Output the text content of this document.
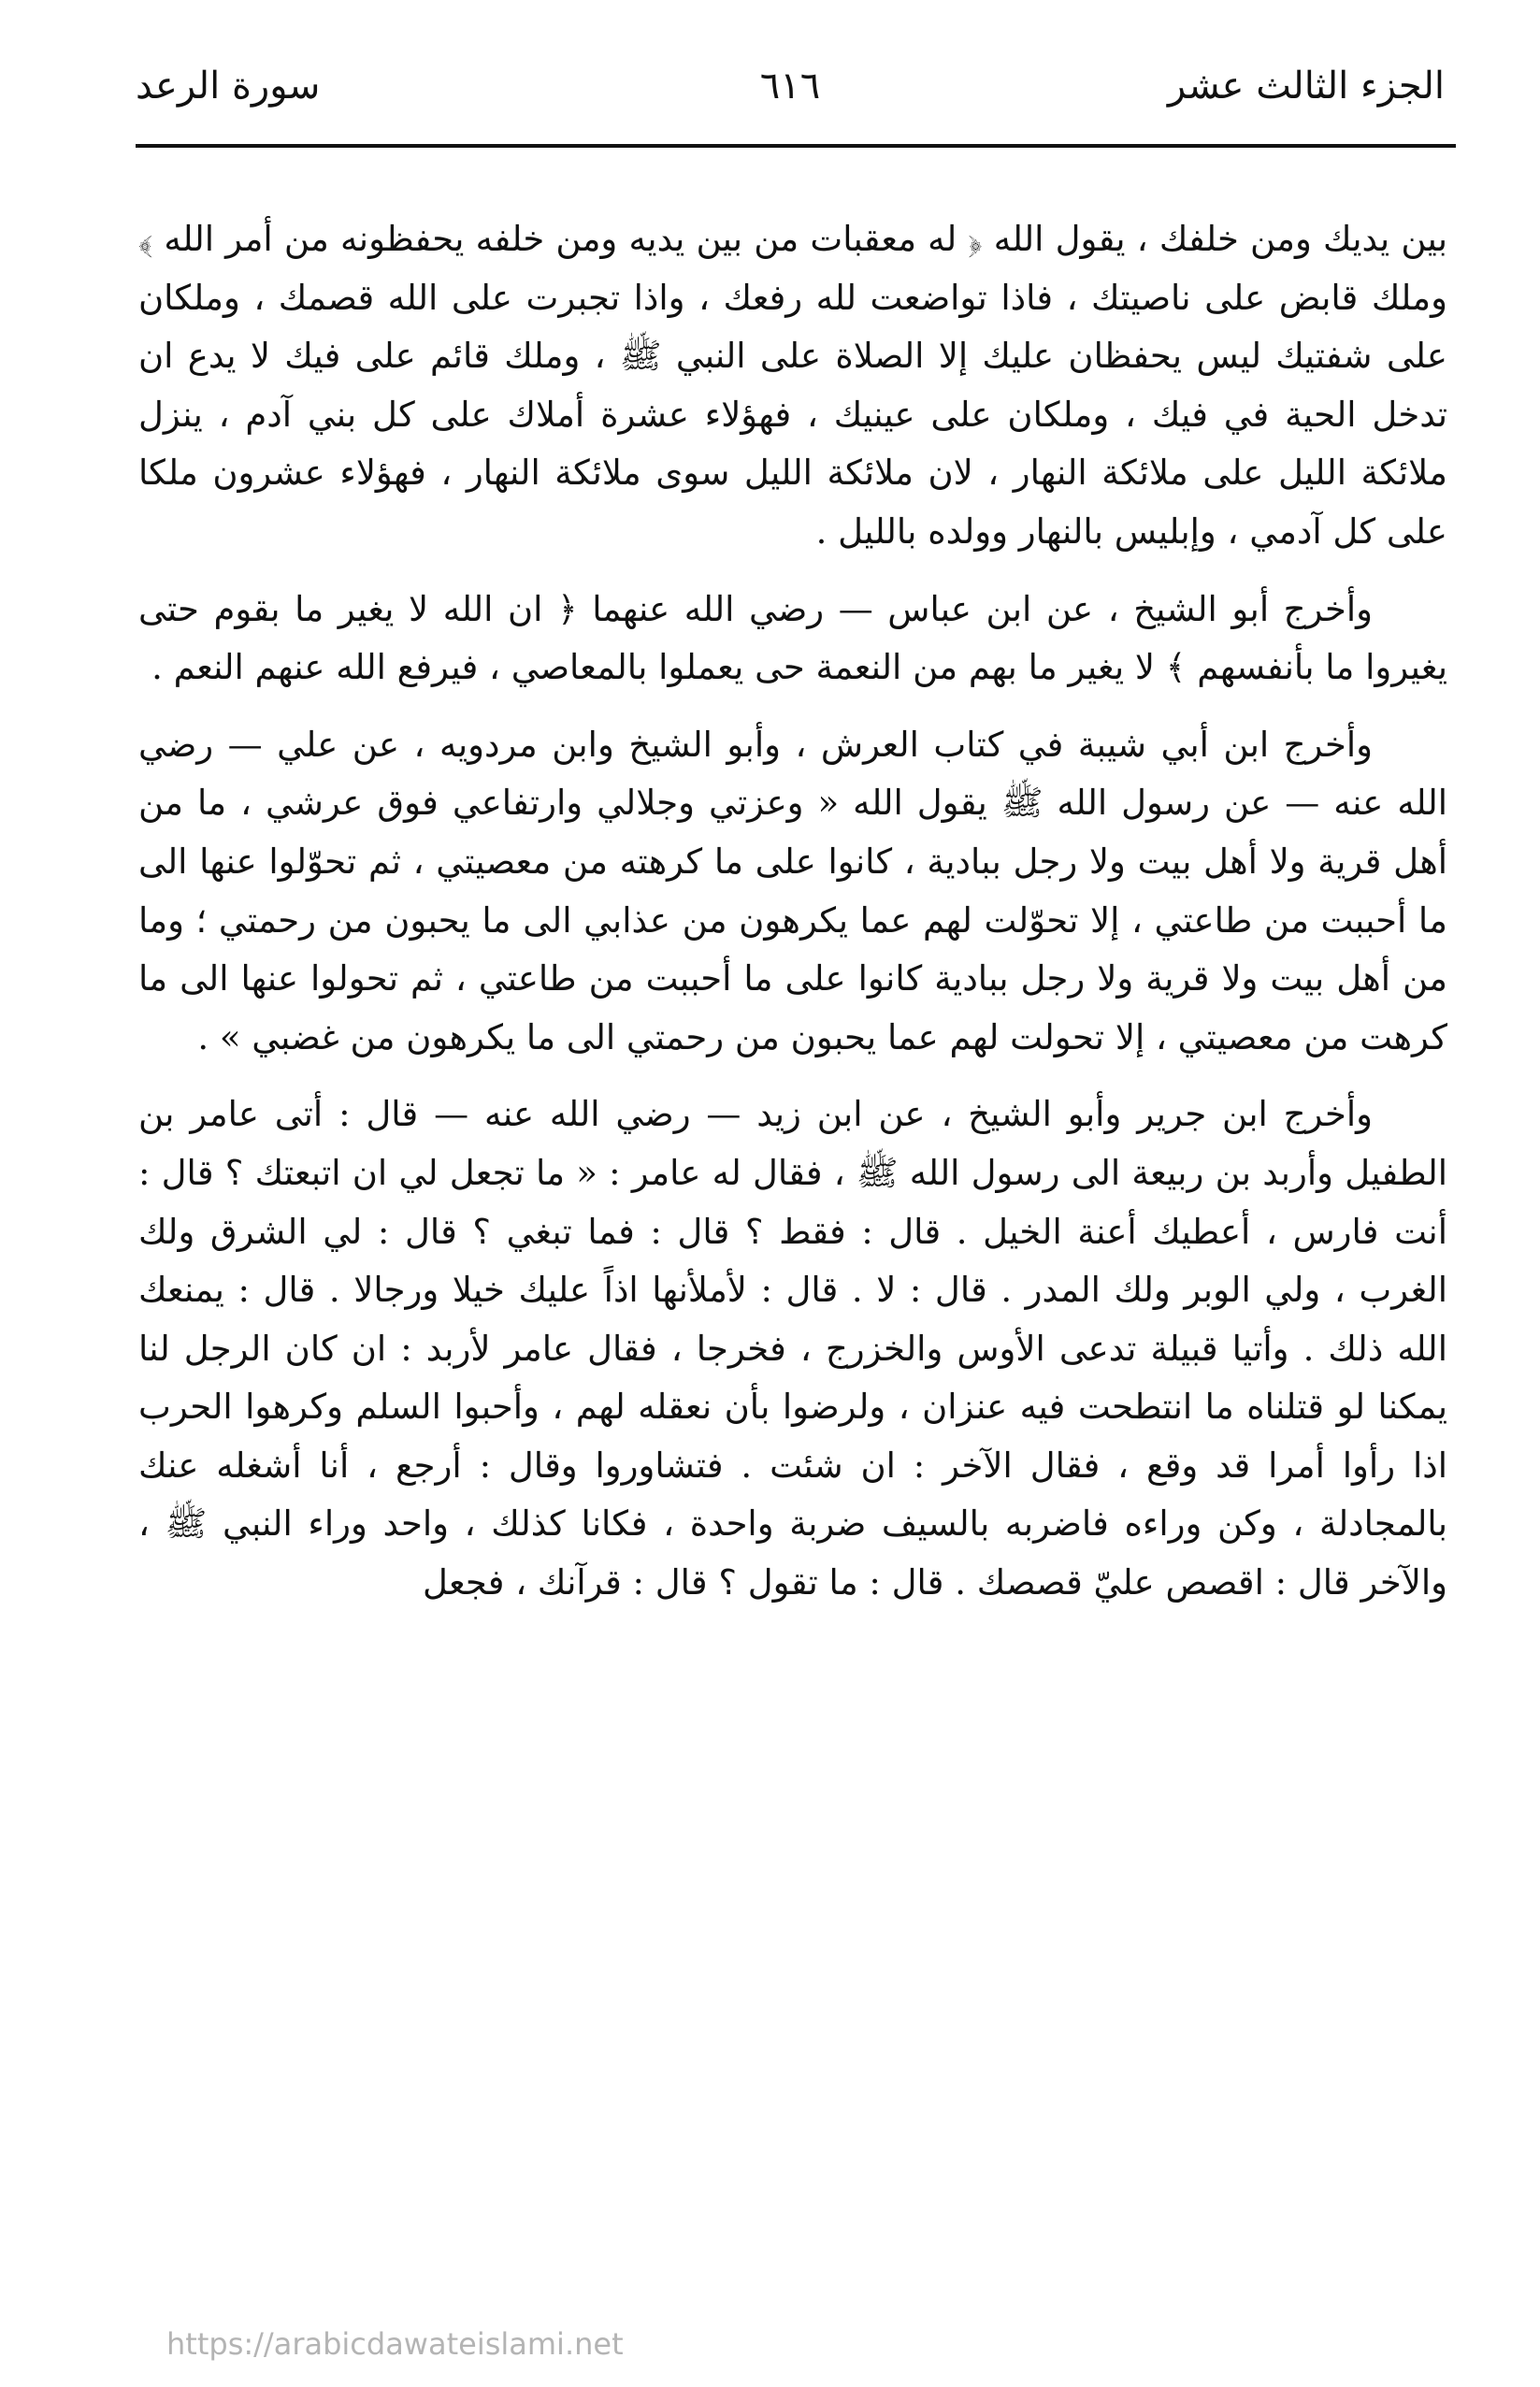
الجزء الثالث عشر
٦١٦
سورة الرعد

بين يديك ومن خلفك ، يقول الله ﴿ له معقبات من بين يديه ومن خلفه يحفظونه من أمر الله ﴾ وملك قابض على ناصيتك ، فاذا تواضعت لله رفعك ، واذا تجبرت على الله قصمك ، وملكان على شفتيك ليس يحفظان عليك إلا الصلاة على النبي ﷺ ، وملك قائم على فيك لا يدع ان تدخل الحية في فيك ، وملكان على عينيك ، فهؤلاء عشرة أملاك على كل بني آدم ، ينزل ملائكة الليل على ملائكة النهار ، لان ملائكة الليل سوى ملائكة النهار ، فهؤلاء عشرون ملكا على كل آدمي ، وإبليس بالنهار وولده بالليل .

وأخرج أبو الشيخ ، عن ابن عباس — رضي الله عنهما ﴿ ان الله لا يغير ما بقوم حتى يغيروا ما بأنفسهم ﴾ لا يغير ما بهم من النعمة حى يعملوا بالمعاصي ، فيرفع الله عنهم النعم .

وأخرج ابن أبي شيبة في كتاب العرش ، وأبو الشيخ وابن مردويه ، عن علي — رضي الله عنه — عن رسول الله ﷺ يقول الله « وعزتي وجلالي وارتفاعي فوق عرشي ، ما من أهل قرية ولا أهل بيت ولا رجل ببادية ، كانوا على ما كرهته من معصيتي ، ثم تحوّلوا عنها الى ما أحببت من طاعتي ، إلا تحوّلت لهم عما يكرهون من عذابي الى ما يحبون من رحمتي ؛ وما من أهل بيت ولا قرية ولا رجل ببادية كانوا على ما أحببت من طاعتي ، ثم تحولوا عنها الى ما كرهت من معصيتي ، إلا تحولت لهم عما يحبون من رحمتي الى ما يكرهون من غضبي » .

وأخرج ابن جرير وأبو الشيخ ، عن ابن زيد — رضي الله عنه — قال : أتى عامر بن الطفيل وأربد بن ربيعة الى رسول الله ﷺ ، فقال له عامر : « ما تجعل لي ان اتبعتك ؟ قال : أنت فارس ، أعطيك أعنة الخيل . قال : فقط ؟ قال : فما تبغي ؟ قال : لي الشرق ولك الغرب ، ولي الوبر ولك المدر . قال : لا . قال : لأملأنها اذاً عليك خيلا ورجالا . قال : يمنعك الله ذلك . وأتيا قبيلة تدعى الأوس والخزرج ، فخرجا ، فقال عامر لأربد : ان كان الرجل لنا يمكنا لو قتلناه ما انتطحت فيه عنزان ، ولرضوا بأن نعقله لهم ، وأحبوا السلم وكرهوا الحرب اذا رأوا أمرا قد وقع ، فقال الآخر : ان شئت . فتشاوروا وقال : أرجع ، أنا أشغله عنك بالمجادلة ، وكن وراءه فاضربه بالسيف ضربة واحدة ، فكانا كذلك ، واحد وراء النبي ﷺ ، والآخر قال : اقصص عليّ قصصك . قال : ما تقول ؟ قال : قرآنك ، فجعل

https://arabicdawateislami.net
